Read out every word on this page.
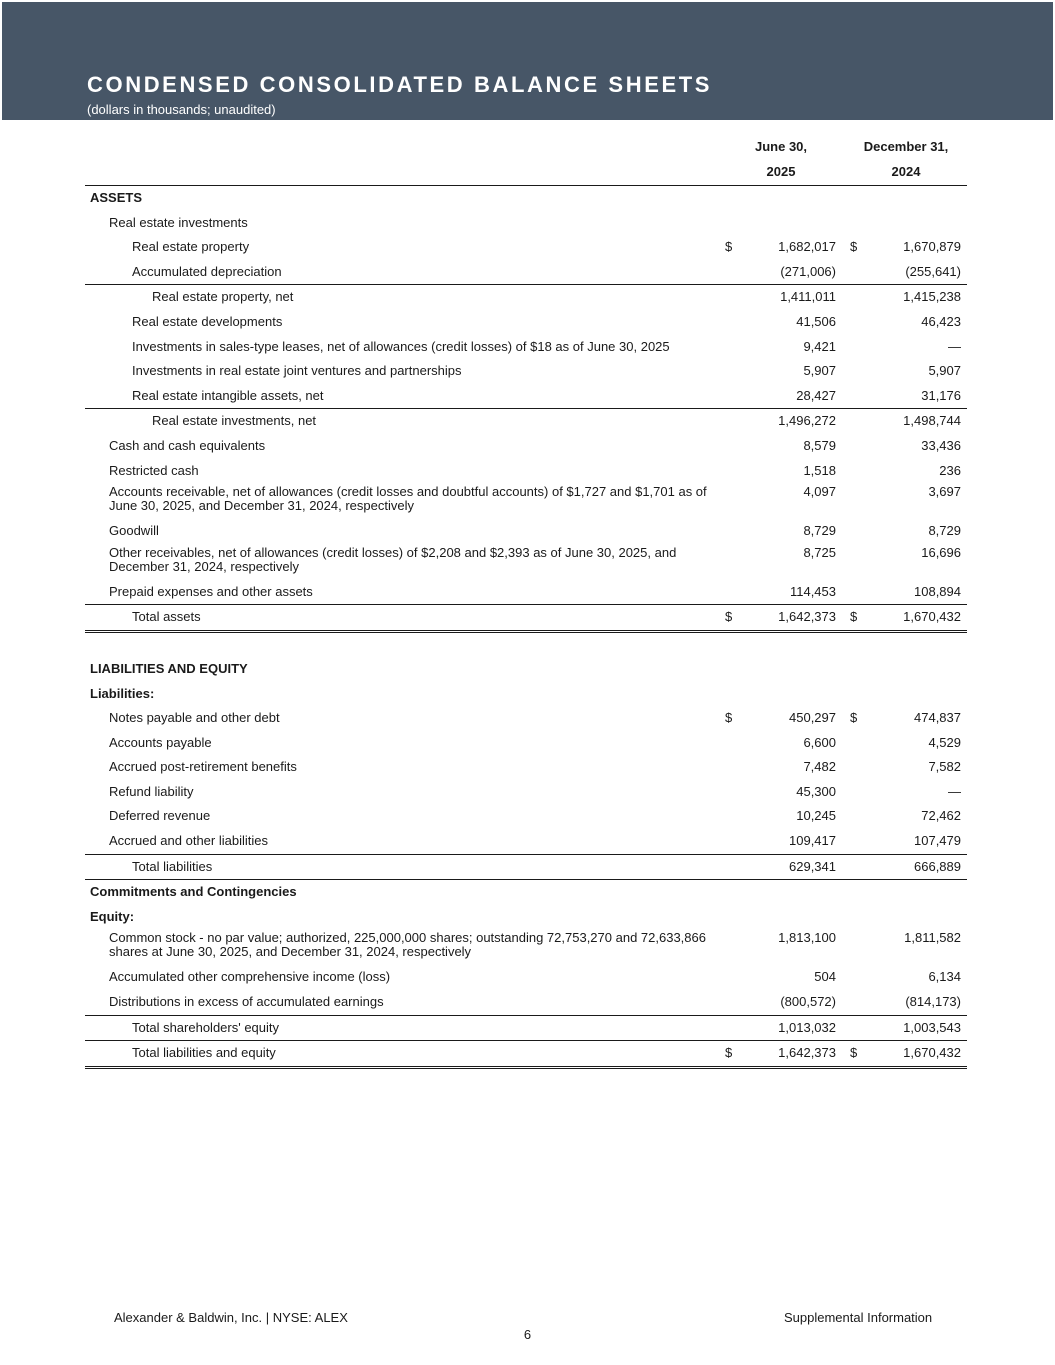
CONDENSED CONSOLIDATED BALANCE SHEETS
(dollars in thousands; unaudited)
June 30,
2025
December 31,
2024
ASSETS
Real estate investments
Real estate property	$	1,682,017 $	1,670,879
Accumulated depreciation	(271,006)	(255,641)
Real estate property, net	1,411,011	1,415,238
Real estate developments	41,506	46,423
Investments in sales-type leases, net of allowances (credit losses) of $18 as of June 30, 2025	9,421	—
Investments in real estate joint ventures and partnerships	5,907	5,907
Real estate intangible assets, net	28,427	31,176
Real estate investments, net	1,496,272	1,498,744
Cash and cash equivalents	8,579	33,436
Restricted cash	1,518	236
Accounts receivable, net of allowances (credit losses and doubtful accounts) of $1,727 and $1,701 as of June 30, 2025, and December 31, 2024, respectively
4,097	3,697
Goodwill	8,729	8,729
Other receivables, net of allowances (credit losses) of $2,208 and $2,393 as of June 30, 2025, and December 31, 2024, respectively
8,725	16,696
Prepaid expenses and other assets	114,453	108,894
Total assets	$	1,642,373 $	1,670,432
LIABILITIES AND EQUITY
Liabilities:
Notes payable and other debt	$	450,297 $	474,837
Accounts payable	6,600	4,529
Accrued post-retirement benefits	7,482	7,582
Refund liability	45,300	—
Deferred revenue	10,245	72,462
Accrued and other liabilities	109,417	107,479
Total liabilities	629,341	666,889
Commitments and Contingencies
Equity:
Common stock - no par value; authorized, 225,000,000 shares; outstanding 72,753,270 and 72,633,866 shares at June 30, 2025, and December 31, 2024, respectively
1,813,100	1,811,582
Accumulated other comprehensive income (loss)	504	6,134
Distributions in excess of accumulated earnings	(800,572)	(814,173)
Total shareholders' equity	1,013,032	1,003,543
Total liabilities and equity	$	1,642,373 $	1,670,432
Alexander & Baldwin, Inc. | NYSE: ALEX	Supplemental Information
6
